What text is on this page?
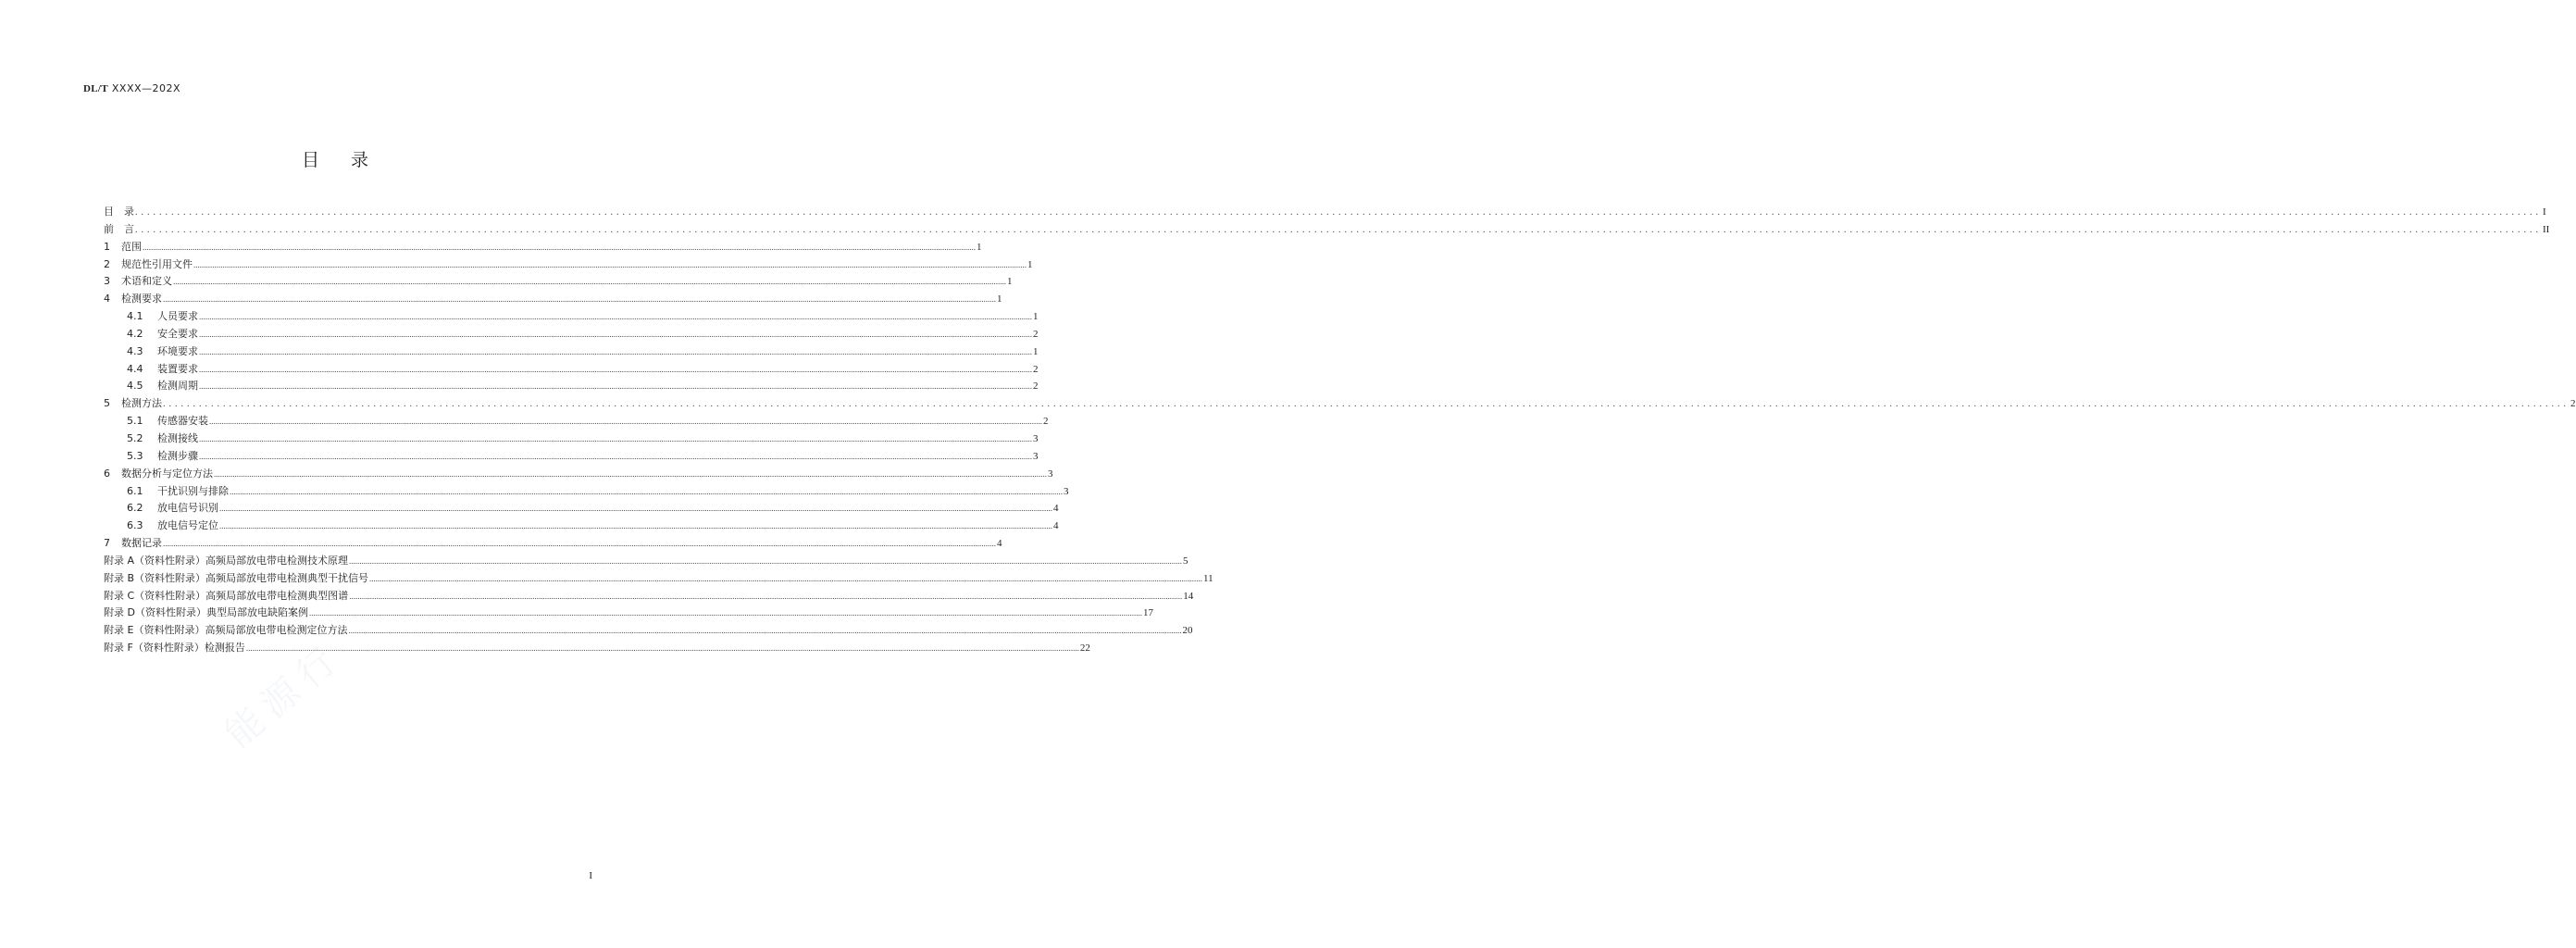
DL/T XXXX—202X
目 录
能源行
目　录 ................................................................................................................................................................................................................................................................................................................................................................................................................ I
前　言 ................................................................................................................................................................................................................................................................................................................................................................................................................ II
1	范围 ................................................................................................................................................................................................................................................................................................................................................................................................................ 1
2	规范性引用文件 ................................................................................................................................................................................................................................................................................................................................................................................................................ 1
3	术语和定义 ................................................................................................................................................................................................................................................................................................................................................................................................................ 1
4	检测要求 ................................................................................................................................................................................................................................................................................................................................................................................................................ 1
4.1	人员要求 ................................................................................................................................................................................................................................................................................................................................................................................................................ 1
4.2	安全要求 ................................................................................................................................................................................................................................................................................................................................................................................................................ 2
4.3	环境要求 ................................................................................................................................................................................................................................................................................................................................................................................................................ 1
4.4	装置要求 ................................................................................................................................................................................................................................................................................................................................................................................................................ 2
4.5	检测周期 ................................................................................................................................................................................................................................................................................................................................................................................................................ 2
5	检测方法 ................................................................................................................................................................................................................................................................................................................................................................................................................ 2
5.1	传感器安装 ................................................................................................................................................................................................................................................................................................................................................................................................................ 2
5.2	检测接线 ................................................................................................................................................................................................................................................................................................................................................................................................................ 3
5.3	检测步骤 ................................................................................................................................................................................................................................................................................................................................................................................................................ 3
6	数据分析与定位方法 ................................................................................................................................................................................................................................................................................................................................................................................................................ 3
6.1	干扰识别与排除 ................................................................................................................................................................................................................................................................................................................................................................................................................ 3
6.2	放电信号识别 ................................................................................................................................................................................................................................................................................................................................................................................................................ 4
6.3	放电信号定位 ................................................................................................................................................................................................................................................................................................................................................................................................................ 4
7	数据记录 ................................................................................................................................................................................................................................................................................................................................................................................................................ 4
附录 A（资料性附录）高频局部放电带电检测技术原理 ................................................................................................................................................................................................................................................................................................................................................................................................................ 5
附录 B（资料性附录）高频局部放电带电检测典型干扰信号 ................................................................................................................................................................................................................................................................................................................................................................................................................ 11
附录 C（资料性附录）高频局部放电带电检测典型图谱 ................................................................................................................................................................................................................................................................................................................................................................................................................ 14
附录 D（资料性附录）典型局部放电缺陷案例 ................................................................................................................................................................................................................................................................................................................................................................................................................ 17
附录 E（资料性附录）高频局部放电带电检测定位方法 ................................................................................................................................................................................................................................................................................................................................................................................................................ 20
附录 F（资料性附录）检测报告 ................................................................................................................................................................................................................................................................................................................................................................................................................ 22
I
